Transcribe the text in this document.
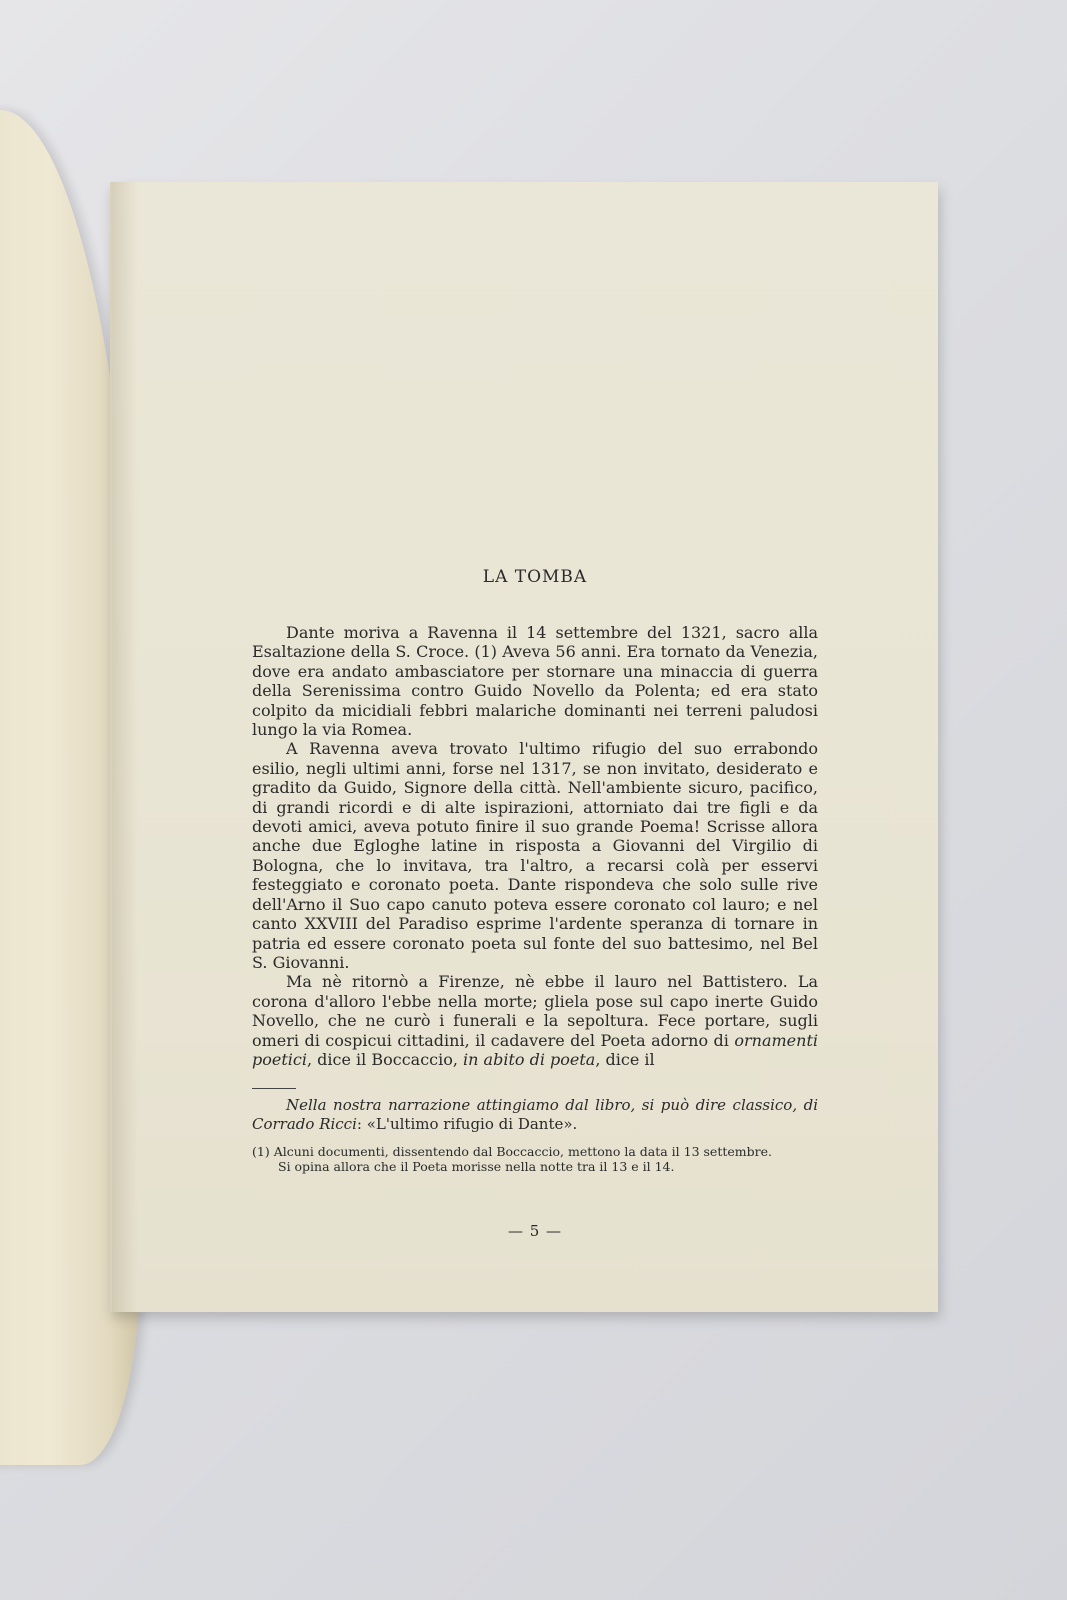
LA TOMBA

Dante moriva a Ravenna il 14 settembre del 1321, sacro alla Esaltazione della S. Croce. (1) Aveva 56 anni. Era tornato da Venezia, dove era andato ambasciatore per stornare una minaccia di guerra della Serenissima contro Guido Novello da Polenta; ed era stato colpito da micidiali febbri malariche dominanti nei terreni paludosi lungo la via Romea.

A Ravenna aveva trovato l'ultimo rifugio del suo errabondo esilio, negli ultimi anni, forse nel 1317, se non invitato, desiderato e gradito da Guido, Signore della città. Nell'ambiente sicuro, pacifico, di grandi ricordi e di alte ispirazioni, attorniato dai tre figli e da devoti amici, aveva potuto finire il suo grande Poema! Scrisse allora anche due Egloghe latine in risposta a Giovanni del Virgilio di Bologna, che lo invitava, tra l'altro, a recarsi colà per esservi festeggiato e coronato poeta. Dante rispondeva che solo sulle rive dell'Arno il Suo capo canuto poteva essere coronato col lauro; e nel canto XXVIII del Paradiso esprime l'ardente speranza di tornare in patria ed essere coronato poeta sul fonte del suo battesimo, nel Bel S. Giovanni.

Ma nè ritornò a Firenze, nè ebbe il lauro nel Battistero. La corona d'alloro l'ebbe nella morte; gliela pose sul capo inerte Guido Novello, che ne curò i funerali e la sepoltura. Fece portare, sugli omeri di cospicui cittadini, il cadavere del Poeta adorno di ornamenti poetici, dice il Boccaccio, in abito di poeta, dice il

Nella nostra narrazione attingiamo dal libro, si può dire classico, di Corrado Ricci: «L'ultimo rifugio di Dante».

(1) Alcuni documenti, dissentendo dal Boccaccio, mettono la data il 13 settembre.

Si opina allora che il Poeta morisse nella notte tra il 13 e il 14.

— 5 —
